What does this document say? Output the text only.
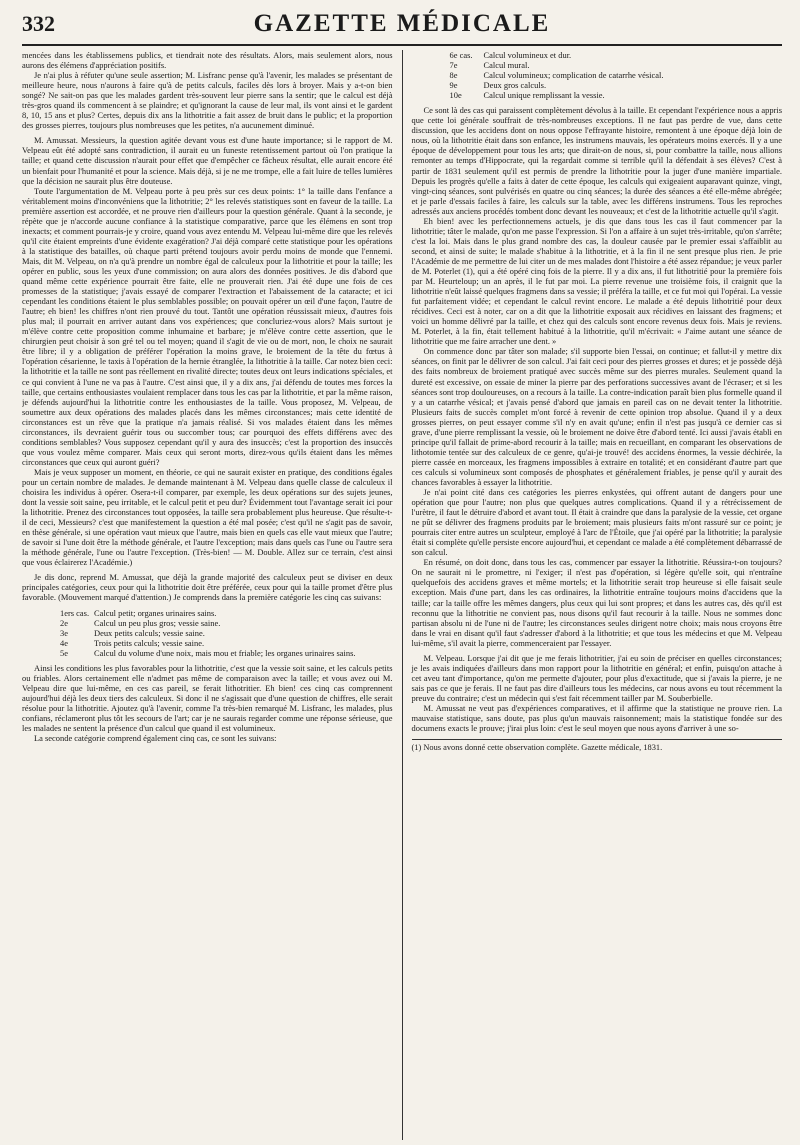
332	GAZETTE MÉDICALE

mencées dans les établissemens publics, et tiendrait note des résultats. Alors, mais seulement alors, nous aurons des élémens d'appréciation positifs.

Je n'ai plus à réfuter qu'une seule assertion; M. Lisfranc pense qu'à l'avenir, les malades se présentant de meilleure heure, nous n'aurons à faire qu'à de petits calculs, faciles dès lors à broyer. Mais y a-t-on bien songé? Ne sait-on pas que les malades gardent très-souvent leur pierre sans la sentir; que le calcul est déjà très-gros quand ils commencent à se plaindre; et qu'ignorant la cause de leur mal, ils vont ainsi et le gardent 8, 10, 15 ans et plus? Certes, depuis dix ans la lithotritie a fait assez de bruit dans le public; et la proportion des grosses pierres, toujours plus nombreuses que les petites, n'a aucunement diminué.

M. Amussat. Messieurs, la question agitée devant vous est d'une haute importance; si le rapport de M. Velpeau eût été adopté sans contradiction, il aurait eu un funeste retentissement partout où l'on pratique la taille; et quand cette discussion n'aurait pour effet que d'empêcher ce fâcheux résultat, elle aurait encore été un bienfait pour l'humanité et pour la science. Mais déjà, si je ne me trompe, elle a fait luire de telles lumières que la décision ne saurait plus être douteuse.

Toute l'argumentation de M. Velpeau porte à peu près sur ces deux points: 1° la taille dans l'enfance a véritablement moins d'inconvéniens que la lithotritie; 2° les relevés statistiques sont en faveur de la taille. La première assertion est accordée, et ne prouve rien d'ailleurs pour la question générale. Quant à la seconde, je répète que je n'accorde aucune confiance à la statistique comparative, parce que les élémens en sont trop inexacts; et comment pourrais-je y croire, quand vous avez entendu M. Velpeau lui-même dire que les relevés qu'il cite étaient empreints d'une évidente exagération? J'ai déjà comparé cette statistique pour les opérations à la statistique des batailles, où chaque parti prétend toujours avoir perdu moins de monde que l'ennemi. Mais, dit M. Velpeau, on n'a qu'à prendre un nombre égal de calculeux pour la lithotritie et pour la taille; les opérer en public, sous les yeux d'une commission; on aura alors des données positives. Je dis d'abord que quand même cette expérience pourrait être faite, elle ne prouverait rien. J'ai été dupe une fois de ces promesses de la statistique; j'avais essayé de comparer l'extraction et l'abaissement de la cataracte; et ici cependant les conditions étaient le plus semblables possible; on pouvait opérer un œil d'une façon, l'autre de l'autre; eh bien! les chiffres n'ont rien prouvé du tout. Tantôt une opération réussissait mieux, d'autres fois plus mal; il pourrait en arriver autant dans vos expériences; que concluriez-vous alors? Mais surtout je m'élève contre cette proposition comme inhumaine et barbare; je m'élève contre cette assertion, que le chirurgien peut choisir à son gré tel ou tel moyen; quand il s'agit de vie ou de mort, non, le choix ne saurait être libre; il y a obligation de préférer l'opération la moins grave, le broiement de la tête du fœtus à l'opération césarienne, le taxis à l'opération de la hernie étranglée, la lithotritie à la taille. Car notez bien ceci: la lithotritie et la taille ne sont pas réellement en rivalité directe; toutes deux ont leurs indications spéciales, et ce qui convient à l'une ne va pas à l'autre. C'est ainsi que, il y a dix ans, j'ai défendu de toutes mes forces la taille, que certains enthousiastes voulaient remplacer dans tous les cas par la lithotritie, et par la même raison, je défends aujourd'hui la lithotritie contre les enthousiastes de la taille. Vous proposez, M. Velpeau, de soumettre aux deux opérations des malades placés dans les mêmes circonstances; mais cette identité de circonstances est un rêve que la pratique n'a jamais réalisé. Si vos malades étaient dans les mêmes circonstances, ils devraient guérir tous ou succomber tous; car pourquoi des effets différens avec des conditions semblables? Vous supposez cependant qu'il y aura des insuccès; c'est la proportion des insuccès que vous voulez même comparer. Mais ceux qui seront morts, direz-vous qu'ils étaient dans les mêmes circonstances que ceux qui auront guéri?

Mais je veux supposer un moment, en théorie, ce qui ne saurait exister en pratique, des conditions égales pour un certain nombre de malades. Je demande maintenant à M. Velpeau dans quelle classe de calculeux il choisira les individus à opérer. Osera-t-il comparer, par exemple, les deux opérations sur des sujets jeunes, dont la vessie soit saine, peu irritable, et le calcul petit et peu dur? Évidemment tout l'avantage serait ici pour la lithotritie. Prenez des circonstances tout opposées, la taille sera probablement plus heureuse. Que résulte-t-il de ceci, Messieurs? c'est que manifestement la question a été mal posée; c'est qu'il ne s'agit pas de savoir, en thèse générale, si une opération vaut mieux que l'autre, mais bien en quels cas elle vaut mieux que l'autre; de savoir si l'une doit être la méthode générale, et l'autre l'exception; mais dans quels cas l'une ou l'autre sera la méthode générale, l'une ou l'autre l'exception. (Très-bien! — M. Double. Allez sur ce terrain, c'est ainsi que vous éclairerez l'Académie.)

Je dis donc, reprend M. Amussat, que déjà la grande majorité des calculeux peut se diviser en deux principales catégories, ceux pour qui la lithotritie doit être préférée, ceux pour qui la taille promet d'être plus favorable. (Mouvement marqué d'attention.) Je comprends dans la première catégorie les cinq cas suivans:

1ers cas. Calcul petit; organes urinaires sains.
2e	Calcul un peu plus gros; vessie saine.
3e	Deux petits calculs; vessie saine.
4e	Trois petits calculs; vessie saine.
5e	Calcul du volume d'une noix, mais mou et friable; les organes urinaires sains.

Ainsi les conditions les plus favorables pour la lithotritie, c'est que la vessie soit saine, et les calculs petits ou friables. Alors certainement elle n'admet pas même de comparaison avec la taille; et vous avez oui M. Velpeau dire que lui-même, en ces cas pareil, se ferait lithotritier. Eh bien! ces cinq cas comprennent aujourd'hui déjà les deux tiers des calculeux. Si donc il ne s'agissait que d'une question de chiffres, elle serait résolue pour la lithotritie. Ajoutez qu'à l'avenir, comme l'a très-bien remarqué M. Lisfranc, les malades, plus confians, réclameront plus tôt les secours de l'art; car je ne saurais regarder comme une réponse sérieuse, que les malades ne sentent la présence d'un calcul que quand il est volumineux.

La seconde catégorie comprend également cinq cas, ce sont les suivans:

6e cas.	Calcul volumineux et dur.
7e	Calcul mural.
8e	Calcul volumineux; complication de catarrhe vésical.
9e	Deux gros calculs.
10e	Calcul unique remplissant la vessie.

Ce sont là des cas qui paraissent complètement dévolus à la taille. Et cependant l'expérience nous a appris que cette loi générale souffrait de très-nombreuses exceptions. Il ne faut pas perdre de vue, dans cette discussion, que les accidens dont on nous oppose l'effrayante histoire, remontent à une époque déjà loin de nous, où la lithotritie était dans son enfance, les instrumens mauvais, les opérateurs moins exercés. Il y a une époque de développement pour tous les arts; que dirait-on de nous, si, pour combattre la taille, nous allions remonter au temps d'Hippocrate, qui la regardait comme si terrible qu'il la défendait à ses élèves? C'est à partir de 1831 seulement qu'il est permis de prendre la lithotritie pour la juger d'une manière impartiale. Depuis les progrès qu'elle a faits à dater de cette époque, les calculs qui exigeaient auparavant quinze, vingt, vingt-cinq séances, sont pulvérisés en quatre ou cinq séances; la durée des séances a été elle-même abrégée; et je parle d'essais faciles à faire, les calculs sur la table, avec les différens instrumens. Tous les reproches adressés aux anciens procédés tombent donc devant les nouveaux; et c'est de la lithotritie actuelle qu'il s'agit.

Eh bien! avec les perfectionnemens actuels, je dis que dans tous les cas il faut commencer par la lithotritie; tâter le malade, qu'on me passe l'expression. Si l'on a affaire à un sujet très-irritable, qu'on s'arrête; c'est la loi. Mais dans le plus grand nombre des cas, la douleur causée par le premier essai s'affaiblit au second, et ainsi de suite; le malade s'habitue à la lithotritie, et à la fin il ne sent presque plus rien. Je prie l'Académie de me permettre de lui citer un de mes malades dont l'histoire a été assez répandue; je veux parler de M. Poterlet (1), qui a été opéré cinq fois de la pierre. Il y a dix ans, il fut lithotritié pour la première fois par M. Heurteloup; un an après, il le fut par moi. La pierre revenue une troisième fois, il craignit que la lithotritie n'eût laissé quelques fragmens dans sa vessie; il préféra la taille, et ce fut moi qui l'opérai. La vessie fut parfaitement vidée; et cependant le calcul revint encore. Le malade a été depuis lithotritié pour deux récidives. Ceci est à noter, car on a dit que la lithotritie exposait aux récidives en laissant des fragmens; et voici un homme délivré par la taille, et chez qui des calculs sont encore revenus deux fois. Mais je reviens. M. Poterlet, à la fin, était tellement habitué à la lithotritie, qu'il m'écrivait: « J'aime autant une séance de lithotritie que me faire arracher une dent. »

On commence donc par tâter son malade; s'il supporte bien l'essai, on continue; et fallut-il y mettre dix séances, on finit par le délivrer de son calcul. J'ai fait ceci pour des pierres grosses et dures; et je possède déjà des faits nombreux de broiement pratiqué avec succès même sur des pierres murales. Seulement quand la dureté est excessive, on essaie de miner la pierre par des perforations successives avant de l'écraser; et si les séances sont trop douloureuses, on a recours à la taille. La contre-indication paraît bien plus formelle quand il y a un catarrhe vésical; et j'avais pensé d'abord que jamais en pareil cas on ne devait tenter la lithotritie. Plusieurs faits de succès complet m'ont forcé à revenir de cette opinion trop absolue. Quand il y a deux grosses pierres, on peut essayer comme s'il n'y en avait qu'une; enfin il n'est pas jusqu'à ce dernier cas si grave, d'une pierre remplissant la vessie, où le broiement ne doive être d'abord tenté. Ici aussi j'avais établi en principe qu'il fallait de prime-abord recourir à la taille; mais en recueillant, en comparant les observations de lithotomie tentée sur des calculeux de ce genre, qu'ai-je trouvé! des accidens énormes, la vessie déchirée, la pierre cassée en morceaux, les fragmens impossibles à extraire en totalité; et en considérant d'autre part que ces calculs si volumineux sont composés de phosphates et généralement friables, je pense qu'il y aurait des chances favorables à essayer la lithotritie.

Je n'ai point cité dans ces catégories les pierres enkystées, qui offrent autant de dangers pour une opération que pour l'autre; non plus que quelques autres complications. Quand il y a rétrécissement de l'urètre, il faut le détruire d'abord et avant tout. Il était à craindre que dans la paralysie de la vessie, cet organe ne pût se délivrer des fragmens produits par le broiement; mais plusieurs faits m'ont rassuré sur ce point; je pourrais citer entre autres un sculpteur, employé à l'arc de l'Étoile, que j'ai opéré par la lithotritie; la paralysie était si complète qu'elle persiste encore aujourd'hui, et cependant ce malade a été complètement débarrassé de son calcul.

En résumé, on doit donc, dans tous les cas, commencer par essayer la lithotritie. Réussira-t-on toujours? On ne saurait ni le promettre, ni l'exiger; il n'est pas d'opération, si légère qu'elle soit, qui n'entraîne quelquefois des accidens graves et même mortels; et la lithotritie serait trop heureuse si elle faisait seule exception. Mais d'une part, dans les cas ordinaires, la lithotritie entraîne toujours moins d'accidens que la taille; car la taille offre les mêmes dangers, plus ceux qui lui sont propres; et dans les autres cas, dès qu'il est reconnu que la lithotritie ne convient pas, nous disons qu'il faut recourir à la taille. Nous ne sommes donc partisan absolu ni de l'une ni de l'autre; les circonstances seules dirigent notre choix; mais nous croyons être dans le vrai en disant qu'il faut s'adresser d'abord à la lithotritie; et que tous les médecins et que M. Velpeau lui-même, s'il avait la pierre, commenceraient par l'essayer.

M. Velpeau. Lorsque j'ai dit que je me ferais lithotritier, j'ai eu soin de préciser en quelles circonstances; je les avais indiquées d'ailleurs dans mon rapport pour la lithotritie en général; et enfin, puisqu'on attache à cet aveu tant d'importance, qu'on me permette d'ajouter, pour plus d'exactitude, que si j'avais la pierre, je ne sais pas ce que je ferais. Il ne faut pas dire d'ailleurs tous les médecins, car nous avons eu tout récemment la preuve du contraire; c'est un médecin qui s'est fait récemment tailler par M. Souberbielle.

M. Amussat ne veut pas d'expériences comparatives, et il affirme que la statistique ne prouve rien. La mauvaise statistique, sans doute, pas plus qu'un mauvais raisonnement; mais la statistique fondée sur des documens exacts le prouve; j'irai plus loin: c'est le seul moyen que nous ayons d'arriver à une so-

(1) Nous avons donné cette observation complète. Gazette médicale, 1831.
